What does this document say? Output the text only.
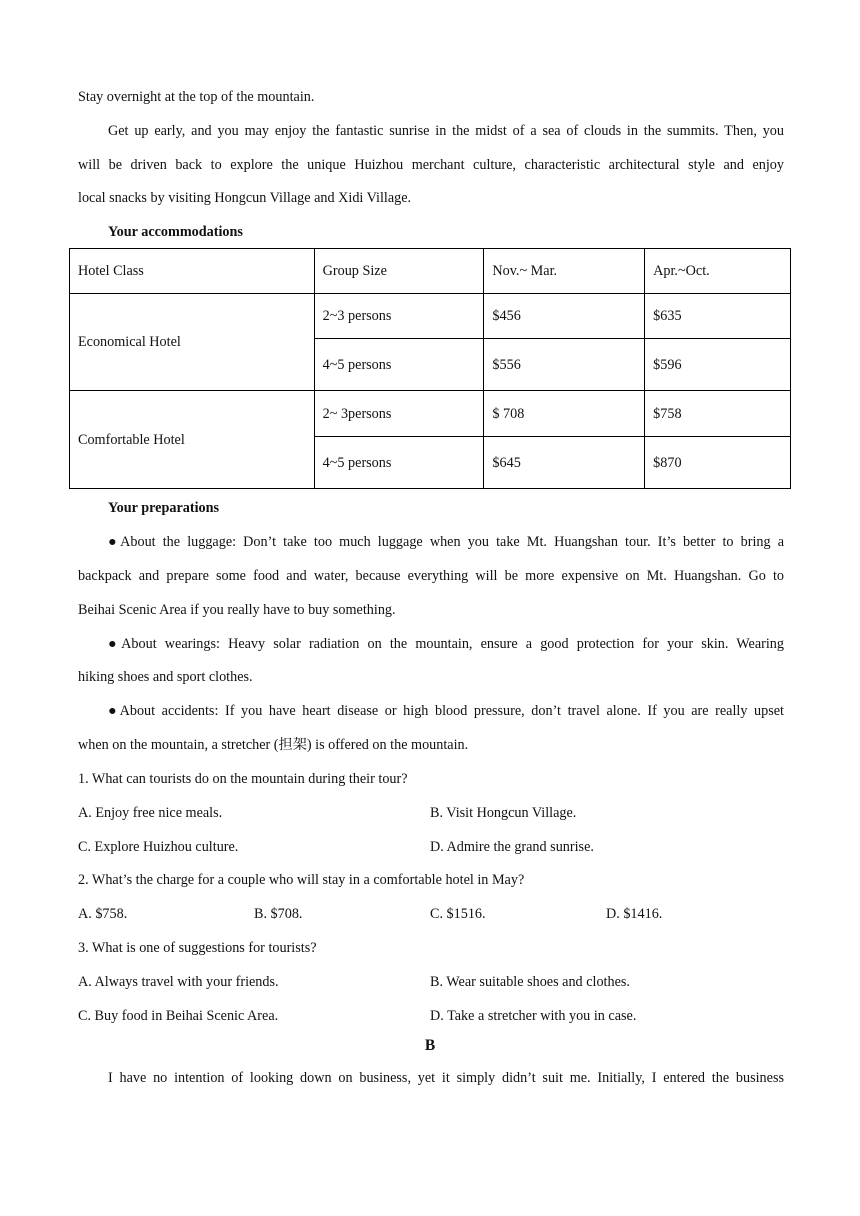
Stay overnight at the top of the mountain.
Get up early, and you may enjoy the fantastic sunrise in the midst of a sea of clouds in the summits. Then, you
will be driven back to explore the unique Huizhou merchant culture, characteristic architectural style and enjoy
local snacks by visiting Hongcun Village and Xidi Village.
Your accommodations
Hotel Class	Group Size	Nov.~ Mar.	Apr.~Oct.
Economical Hotel	2~3 persons	$456	$635
	4~5 persons	$556	$596
Comfortable Hotel	2~ 3persons	$ 708	$758
	4~5 persons	$645	$870
Your preparations
●About the luggage: Don’t take too much luggage when you take Mt. Huangshan tour. It’s better to bring a
backpack and prepare some food and water, because everything will be more expensive on Mt. Huangshan. Go to
Beihai Scenic Area if you really have to buy something.
●About wearings: Heavy solar radiation on the mountain, ensure a good protection for your skin. Wearing
hiking shoes and sport clothes.
●About accidents: If you have heart disease or high blood pressure, don’t travel alone. If you are really upset
when on the mountain, a stretcher (担架) is offered on the mountain.
1. What can tourists do on the mountain during their tour?
A. Enjoy free nice meals.	B. Visit Hongcun Village.
C. Explore Huizhou culture.	D. Admire the grand sunrise.
2. What’s the charge for a couple who will stay in a comfortable hotel in May?
A. $758.	B. $708.	C. $1516.	D. $1416.
3. What is one of suggestions for tourists?
A. Always travel with your friends.	B. Wear suitable shoes and clothes.
C. Buy food in Beihai Scenic Area.	D. Take a stretcher with you in case.
B
I have no intention of looking down on business, yet it simply didn’t suit me. Initially, I entered the business
